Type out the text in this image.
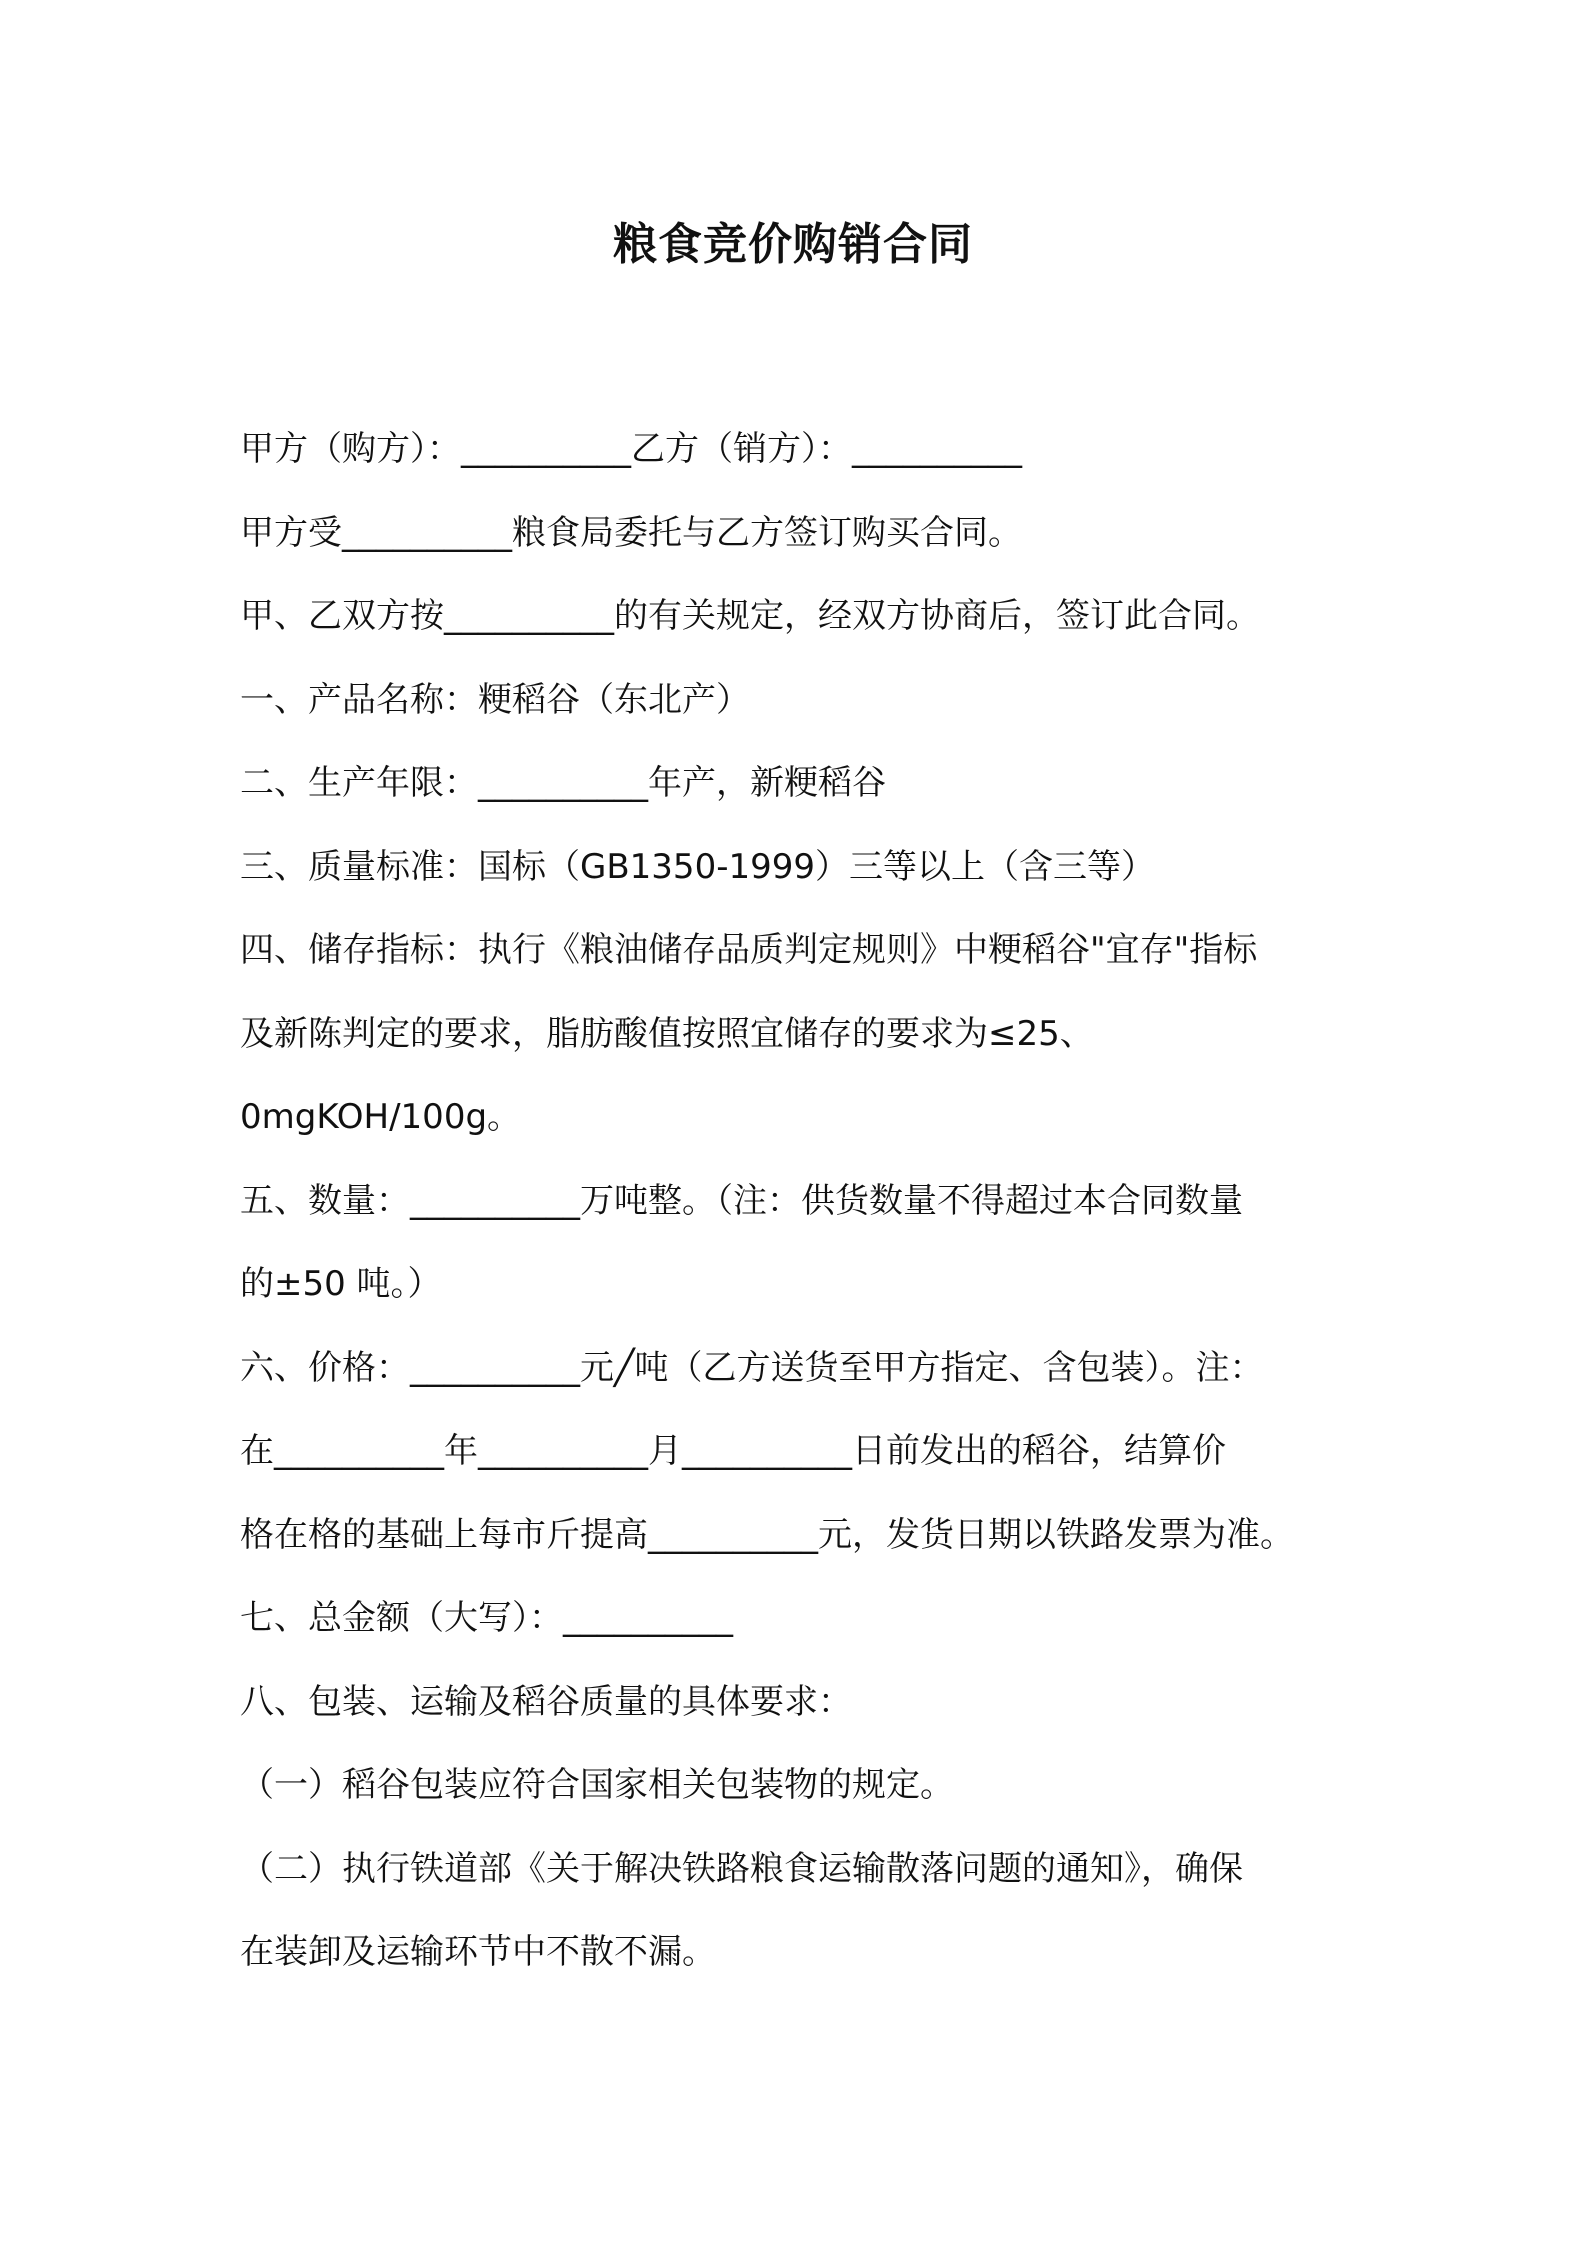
粮食竞价购销合同
甲方（购方）：__________乙方（销方）：__________
甲方受__________粮食局委托与乙方签订购买合同。
甲、乙双方按__________的有关规定，经双方协商后，签订此合同。
一、产品名称：粳稻谷（东北产）
二、生产年限：__________年产，新粳稻谷
三、质量标准：国标（GB1350-1999）三等以上（含三等）
四、储存指标：执行《粮油储存品质判定规则》中粳稻谷"宜存"指标
及新陈判定的要求，脂肪酸值按照宜储存的要求为≤25、
0mgKOH/100g。
五、数量：__________万吨整。（注：供货数量不得超过本合同数量
的±50 吨。）
六、价格：__________元╱吨（乙方送货至甲方指定、含包装）。注：
在__________年__________月__________日前发出的稻谷，结算价
格在格的基础上每市斤提高__________元，发货日期以铁路发票为准。
七、总金额（大写）：__________
八、包装、运输及稻谷质量的具体要求：
（一）稻谷包装应符合国家相关包装物的规定。
（二）执行铁道部《关于解决铁路粮食运输散落问题的通知》，确保
在装卸及运输环节中不散不漏。
